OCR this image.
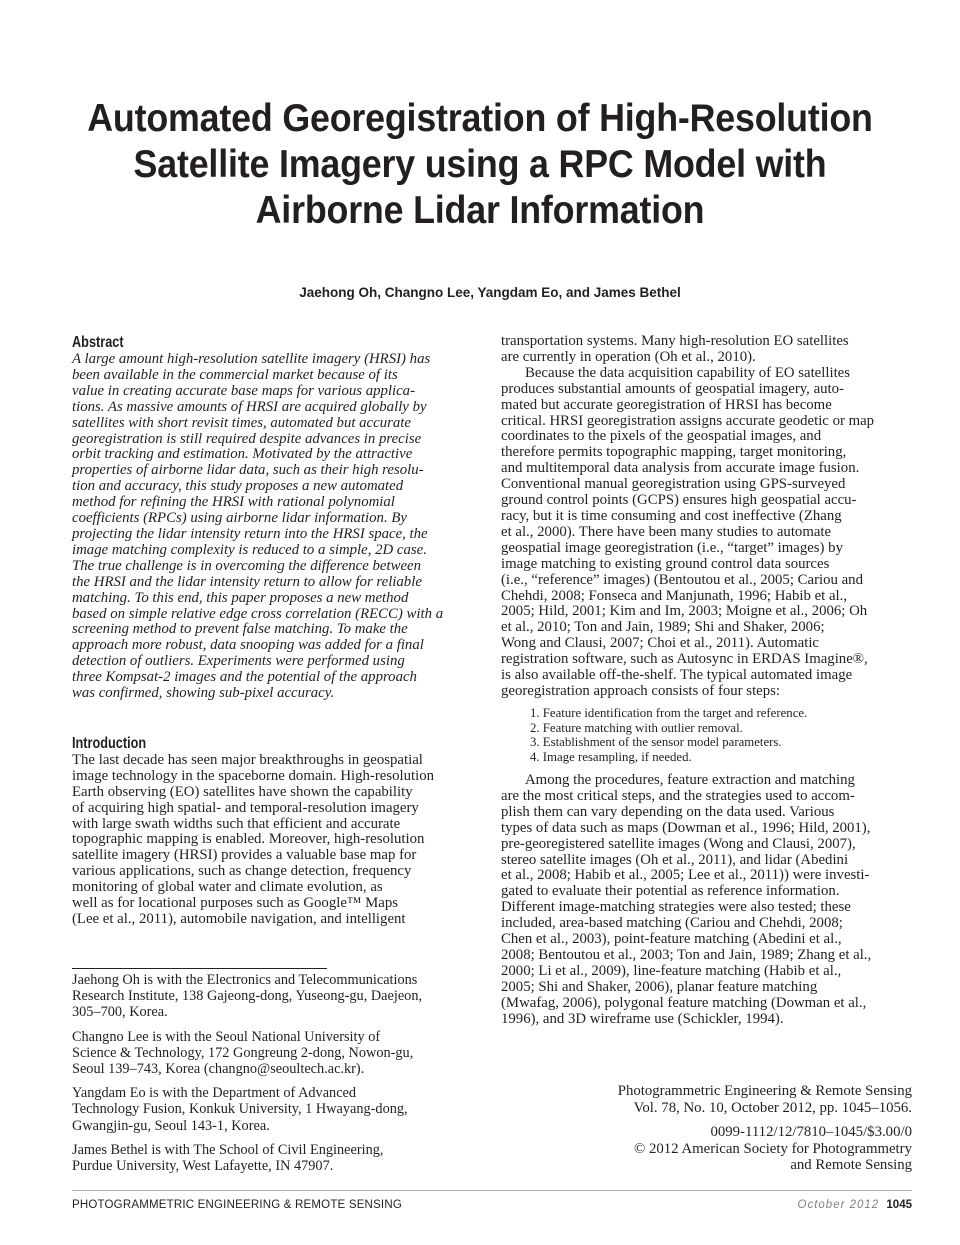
Automated Georegistration of High-Resolution
Satellite Imagery using a RPC Model with
Airborne Lidar Information
Jaehong Oh, Changno Lee, Yangdam Eo, and James Bethel
Abstract
A large amount high-resolution satellite imagery (HRSI) has
been available in the commercial market because of its
value in creating accurate base maps for various applica-
tions. As massive amounts of HRSI are acquired globally by
satellites with short revisit times, automated but accurate
georegistration is still required despite advances in precise
orbit tracking and estimation. Motivated by the attractive
properties of airborne lidar data, such as their high resolu-
tion and accuracy, this study proposes a new automated
method for refining the HRSI with rational polynomial
coefficients (RPCs) using airborne lidar information. By
projecting the lidar intensity return into the HRSI space, the
image matching complexity is reduced to a simple, 2D case.
The true challenge is in overcoming the difference between
the HRSI and the lidar intensity return to allow for reliable
matching. To this end, this paper proposes a new method
based on simple relative edge cross correlation (RECC) with a
screening method to prevent false matching. To make the
approach more robust, data snooping was added for a final
detection of outliers. Experiments were performed using
three Kompsat-2 images and the potential of the approach
was confirmed, showing sub-pixel accuracy.
Introduction
The last decade has seen major breakthroughs in geospatial
image technology in the spaceborne domain. High-resolution
Earth observing (EO) satellites have shown the capability
of acquiring high spatial- and temporal-resolution imagery
with large swath widths such that efficient and accurate
topographic mapping is enabled. Moreover, high-resolution
satellite imagery (HRSI) provides a valuable base map for
various applications, such as change detection, frequency
monitoring of global water and climate evolution, as
well as for locational purposes such as Google™ Maps
(Lee et al., 2011), automobile navigation, and intelligent
transportation systems. Many high-resolution EO satellites
are currently in operation (Oh et al., 2010).
Because the data acquisition capability of EO satellites
produces substantial amounts of geospatial imagery, auto-
mated but accurate georegistration of HRSI has become
critical. HRSI georegistration assigns accurate geodetic or map
coordinates to the pixels of the geospatial images, and
therefore permits topographic mapping, target monitoring,
and multitemporal data analysis from accurate image fusion.
Conventional manual georegistration using GPS-surveyed
ground control points (GCPS) ensures high geospatial accu-
racy, but it is time consuming and cost ineffective (Zhang
et al., 2000). There have been many studies to automate
geospatial image georegistration (i.e., “target” images) by
image matching to existing ground control data sources
(i.e., “reference” images) (Bentoutou et al., 2005; Cariou and
Chehdi, 2008; Fonseca and Manjunath, 1996; Habib et al.,
2005; Hild, 2001; Kim and Im, 2003; Moigne et al., 2006; Oh
et al., 2010; Ton and Jain, 1989; Shi and Shaker, 2006;
Wong and Clausi, 2007; Choi et al., 2011). Automatic
registration software, such as Autosync in ERDAS Imagine®,
is also available off-the-shelf. The typical automated image
georegistration approach consists of four steps:
1. Feature identification from the target and reference.
2. Feature matching with outlier removal.
3. Establishment of the sensor model parameters.
4. Image resampling, if needed.
Among the procedures, feature extraction and matching
are the most critical steps, and the strategies used to accom-
plish them can vary depending on the data used. Various
types of data such as maps (Dowman et al., 1996; Hild, 2001),
pre-georegistered satellite images (Wong and Clausi, 2007),
stereo satellite images (Oh et al., 2011), and lidar (Abedini
et al., 2008; Habib et al., 2005; Lee et al., 2011)) were investi-
gated to evaluate their potential as reference information.
Different image-matching strategies were also tested; these
included, area-based matching (Cariou and Chehdi, 2008;
Chen et al., 2003), point-feature matching (Abedini et al.,
2008; Bentoutou et al., 2003; Ton and Jain, 1989; Zhang et al.,
2000; Li et al., 2009), line-feature matching (Habib et al.,
2005; Shi and Shaker, 2006), planar feature matching
(Mwafag, 2006), polygonal feature matching (Dowman et al.,
1996), and 3D wireframe use (Schickler, 1994).

Jaehong Oh is with the Electronics and Telecommunications
Research Institute, 138 Gajeong-dong, Yuseong-gu, Daejeon,
305–700, Korea.

Changno Lee is with the Seoul National University of
Science & Technology, 172 Gongreung 2-dong, Nowon-gu,
Seoul 139–743, Korea (changno@seoultech.ac.kr).

Yangdam Eo is with the Department of Advanced
Technology Fusion, Konkuk University, 1 Hwayang-dong,
Gwangjin-gu, Seoul 143-1, Korea.

James Bethel is with The School of Civil Engineering,
Purdue University, West Lafayette, IN 47907.

Photogrammetric Engineering & Remote Sensing
Vol. 78, No. 10, October 2012, pp. 1045–1056.

0099-1112/12/7810–1045/$3.00/0
© 2012 American Society for Photogrammetry
and Remote Sensing

PHOTOGRAMMETRIC ENGINEERING & REMOTE SENSING	October 2012 1045
